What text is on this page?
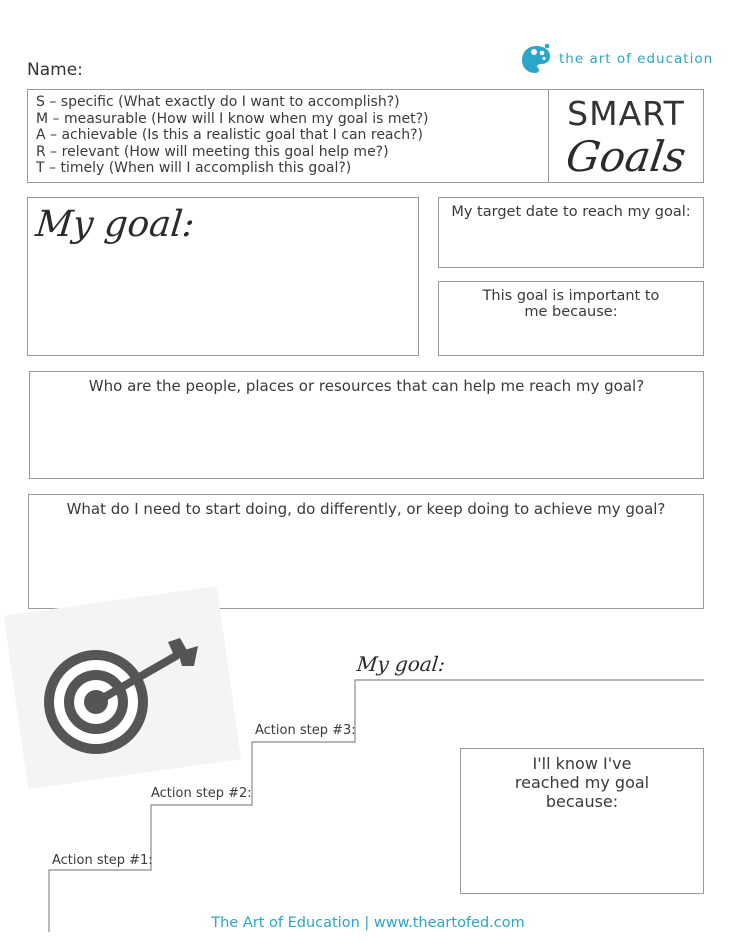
Name:
the art of education
S – specific (What exactly do I want to accomplish?)
M – measurable (How will I know when my goal is met?)
A – achievable (Is this a realistic goal that I can reach?)
R – relevant (How will meeting this goal help me?)
T – timely (When will I accomplish this goal?)
SMART
Goals
My goal:	My target date to reach my goal:
This goal is important to me because:
Who are the people, places or resources that can help me reach my goal?
What do I need to start doing, do differently, or keep doing to achieve my goal?
Action step #1:
Action step #2:
Action step #3:
My goal:
I'll know I've reached my goal because:
The Art of Education | www.theartofed.com
